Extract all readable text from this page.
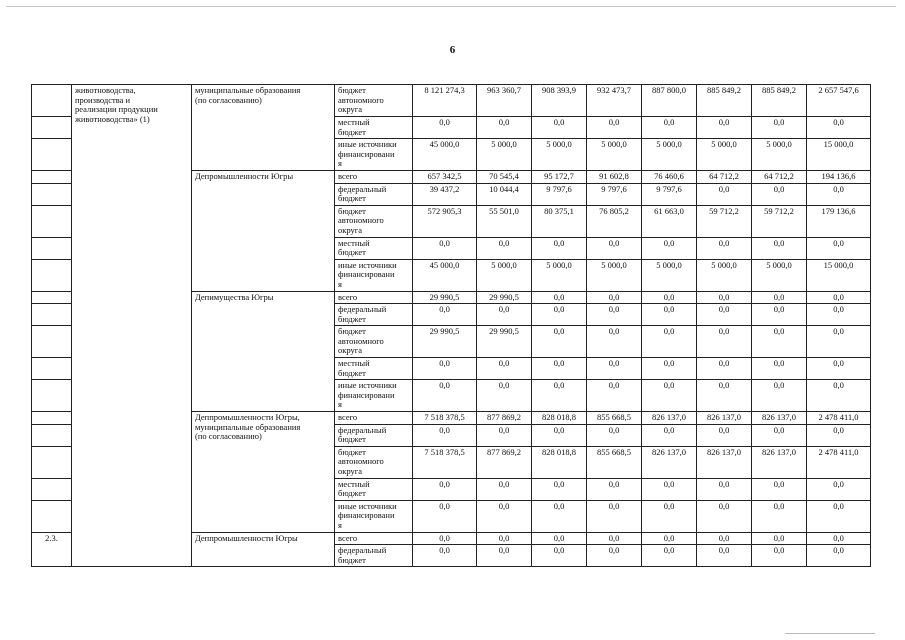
6
	животноводства,
производства и
реализации продукции
животноводства» (1)	муниципальные образования
(по согласованию)	бюджет
автономного
округа	8 121 274,3	963 360,7	908 393,9	932 473,7	887 800,0	885 849,2	885 849,2	2 657 547,6
			местный
бюджет	0,0	0,0	0,0	0,0	0,0	0,0	0,0	0,0
			иные источники
финансировани
я	45 000,0	5 000,0	5 000,0	5 000,0	5 000,0	5 000,0	5 000,0	15 000,0
		Депромышленности Югры	всего	657 342,5	70 545,4	95 172,7	91 602,8	76 460,6	64 712,2	64 712,2	194 136,6
			федеральный
бюджет	39 437,2	10 044,4	9 797,6	9 797,6	9 797,6	0,0	0,0	0,0
			бюджет
автономного
округа	572 905,3	55 501,0	80 375,1	76 805,2	61 663,0	59 712,2	59 712,2	179 136,6
			местный
бюджет	0,0	0,0	0,0	0,0	0,0	0,0	0,0	0,0
			иные источники
финансировани
я	45 000,0	5 000,0	5 000,0	5 000,0	5 000,0	5 000,0	5 000,0	15 000,0
		Депимущества Югры	всего	29 990,5	29 990,5	0,0	0,0	0,0	0,0	0,0	0,0
			федеральный
бюджет	0,0	0,0	0,0	0,0	0,0	0,0	0,0	0,0
			бюджет
автономного
округа	29 990,5	29 990,5	0,0	0,0	0,0	0,0	0,0	0,0
			местный
бюджет	0,0	0,0	0,0	0,0	0,0	0,0	0,0	0,0
			иные источники
финансировани
я	0,0	0,0	0,0	0,0	0,0	0,0	0,0	0,0
		Деппромышленности Югры,
муниципальные образования
(по согласованию)	всего	7 518 378,5	877 869,2	828 018,8	855 668,5	826 137,0	826 137,0	826 137,0	2 478 411,0
			федеральный
бюджет	0,0	0,0	0,0	0,0	0,0	0,0	0,0	0,0
			бюджет
автономного
округа	7 518 378,5	877 869,2	828 018,8	855 668,5	826 137,0	826 137,0	826 137,0	2 478 411,0
			местный
бюджет	0,0	0,0	0,0	0,0	0,0	0,0	0,0	0,0
			иные источники
финансировани
я	0,0	0,0	0,0	0,0	0,0	0,0	0,0	0,0
2.3.		Деппромышленности Югры	всего	0,0	0,0	0,0	0,0	0,0	0,0	0,0	0,0
			федеральный
бюджет	0,0	0,0	0,0	0,0	0,0	0,0	0,0	0,0
